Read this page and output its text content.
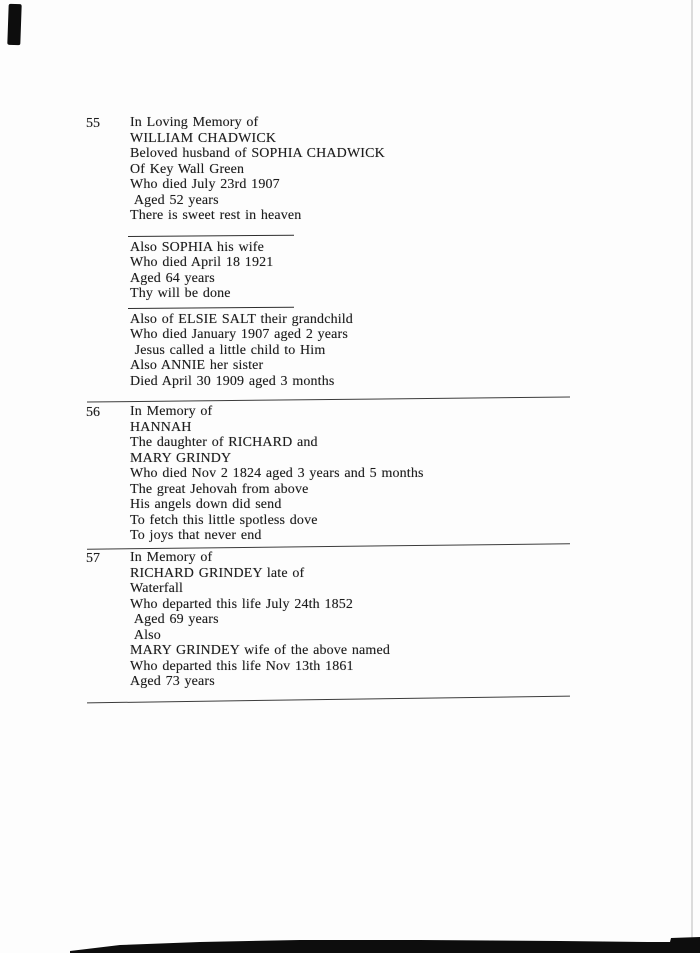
55 In Loving Memory of

WILLIAM CHADWICK

Beloved husband of SOPHIA CHADWICK

Of Key Wall Green

Who died July 23rd 1907

Aged 52 years

There is sweet rest in heaven

Also SOPHIA his wife

Who died April 18 1921

Aged 64 years

Thy will be done

Also of ELSIE SALT their grandchild

Who died January 1907 aged 2 years

Jesus called a little child to Him

Also ANNIE her sister

Died April 30 1909 aged 3 months

56 In Memory of

HANNAH

The daughter of RICHARD and

MARY GRINDY

Who died Nov 2 1824 aged 3 years and 5 months

The great Jehovah from above

His angels down did send

To fetch this little spotless dove

To joys that never end

57 In Memory of

RICHARD GRINDEY late of

Waterfall

Who departed this life July 24th 1852

Aged 69 years

Also

MARY GRINDEY wife of the above named

Who departed this life Nov 13th 1861

Aged 73 years
